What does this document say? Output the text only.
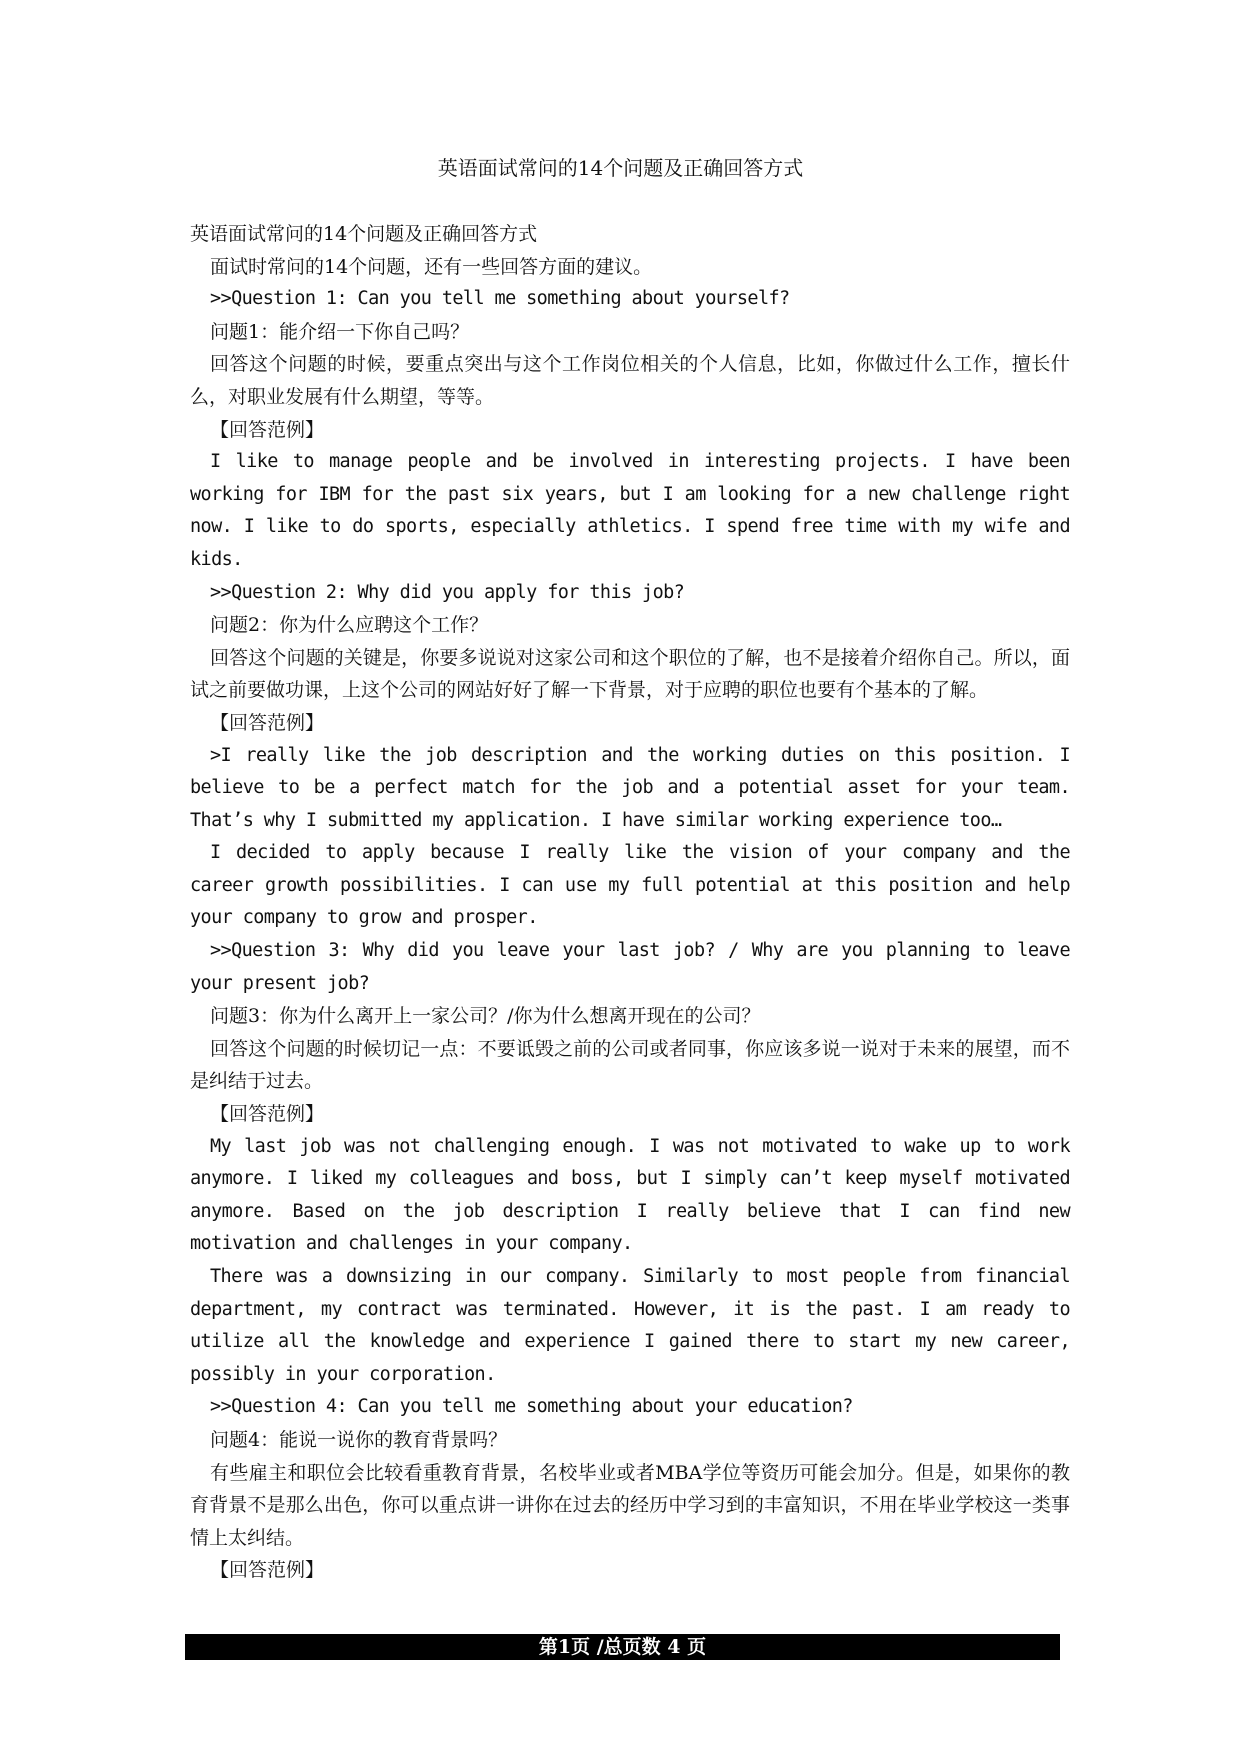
英语面试常问的14个问题及正确回答方式

英语面试常问的14个问题及正确回答方式

面试时常问的14个问题，还有一些回答方面的建议。

>>Question 1: Can you tell me something about yourself?

问题1：能介绍一下你自己吗？

回答这个问题的时候，要重点突出与这个工作岗位相关的个人信息，比如，你做过什么工作，擅长什么，对职业发展有什么期望，等等。

【回答范例】

I like to manage people and be involved in interesting projects. I have been working for IBM for the past six years, but I am looking for a new challenge right now. I like to do sports, especially athletics. I spend free time with my wife and kids.

>>Question 2: Why did you apply for this job?

问题2：你为什么应聘这个工作？

回答这个问题的关键是，你要多说说对这家公司和这个职位的了解，也不是接着介绍你自己。所以，面试之前要做功课，上这个公司的网站好好了解一下背景，对于应聘的职位也要有个基本的了解。

【回答范例】

>I really like the job description and the working duties on this position. I believe to be a perfect match for the job and a potential asset for your team. That’s why I submitted my application. I have similar working experience too…

I decided to apply because I really like the vision of your company and the career growth possibilities. I can use my full potential at this position and help your company to grow and prosper.

>>Question 3: Why did you leave your last job? / Why are you planning to leave your present job?

问题3：你为什么离开上一家公司？/你为什么想离开现在的公司？

回答这个问题的时候切记一点：不要诋毁之前的公司或者同事，你应该多说一说对于未来的展望，而不是纠结于过去。

【回答范例】

My last job was not challenging enough. I was not motivated to wake up to work anymore. I liked my colleagues and boss, but I simply can’t keep myself motivated anymore. Based on the job description I really believe that I can find new motivation and challenges in your company.

There was a downsizing in our company. Similarly to most people from financial department, my contract was terminated. However, it is the past. I am ready to utilize all the knowledge and experience I gained there to start my new career, possibly in your corporation.

>>Question 4: Can you tell me something about your education?

问题4：能说一说你的教育背景吗？

有些雇主和职位会比较看重教育背景，名校毕业或者MBA学位等资历可能会加分。但是，如果你的教育背景不是那么出色，你可以重点讲一讲你在过去的经历中学习到的丰富知识，不用在毕业学校这一类事情上太纠结。

【回答范例】

第1页 /总页数 4 页
